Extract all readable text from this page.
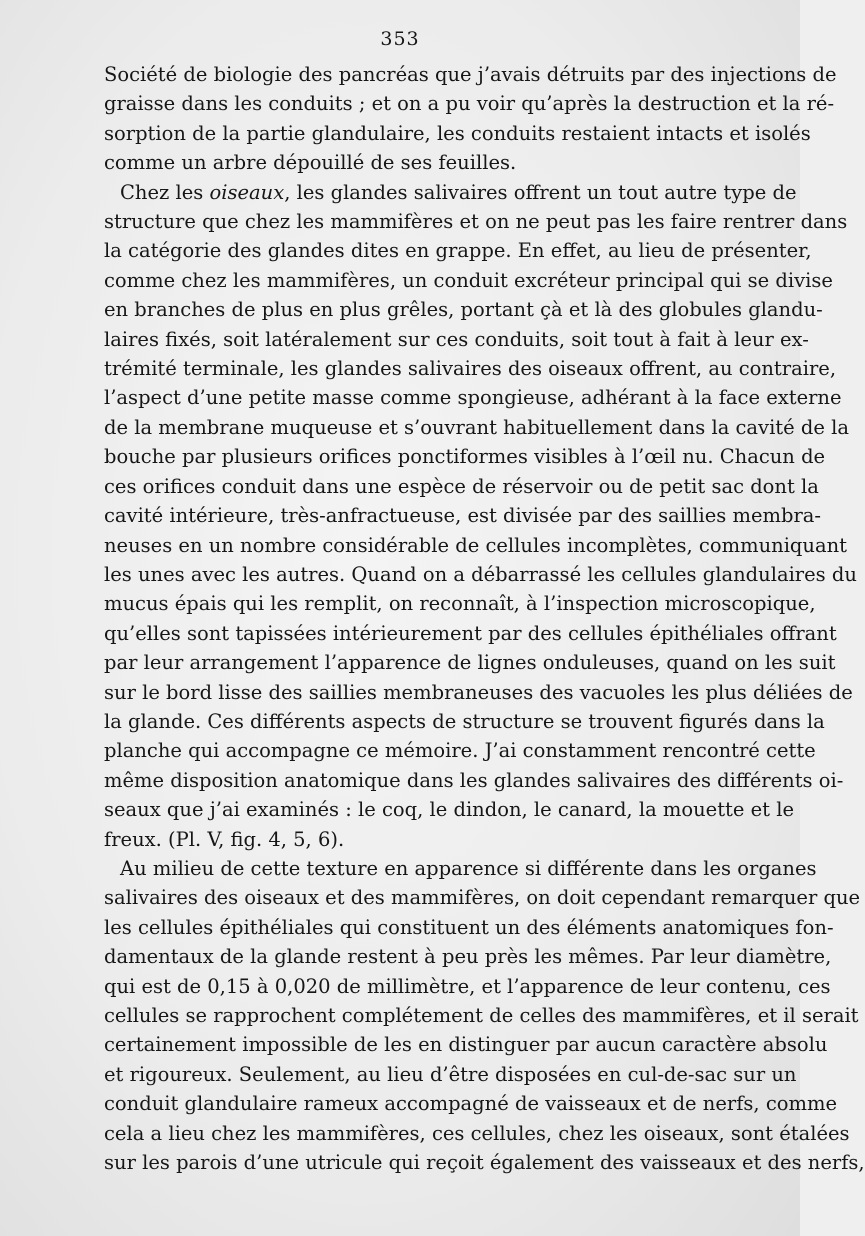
353
Société de biologie des pancréas que j’avais détruits par des injections de
graisse dans les conduits ; et on a pu voir qu’après la destruction et la ré-
sorption de la partie glandulaire, les conduits restaient intacts et isolés
comme un arbre dépouillé de ses feuilles.
Chez les oiseaux, les glandes salivaires offrent un tout autre type de
structure que chez les mammifères et on ne peut pas les faire rentrer dans
la catégorie des glandes dites en grappe. En effet, au lieu de présenter,
comme chez les mammifères, un conduit excréteur principal qui se divise
en branches de plus en plus grêles, portant çà et là des globules glandu-
laires fixés, soit latéralement sur ces conduits, soit tout à fait à leur ex-
trémité terminale, les glandes salivaires des oiseaux offrent, au contraire,
l’aspect d’une petite masse comme spongieuse, adhérant à la face externe
de la membrane muqueuse et s’ouvrant habituellement dans la cavité de la
bouche par plusieurs orifices ponctiformes visibles à l’œil nu. Chacun de
ces orifices conduit dans une espèce de réservoir ou de petit sac dont la
cavité intérieure, très-anfractueuse, est divisée par des saillies membra-
neuses en un nombre considérable de cellules incomplètes, communiquant
les unes avec les autres. Quand on a débarrassé les cellules glandulaires du
mucus épais qui les remplit, on reconnaît, à l’inspection microscopique,
qu’elles sont tapissées intérieurement par des cellules épithéliales offrant
par leur arrangement l’apparence de lignes onduleuses, quand on les suit
sur le bord lisse des saillies membraneuses des vacuoles les plus déliées de
la glande. Ces différents aspects de structure se trouvent figurés dans la
planche qui accompagne ce mémoire. J’ai constamment rencontré cette
même disposition anatomique dans les glandes salivaires des différents oi-
seaux que j’ai examinés : le coq, le dindon, le canard, la mouette et le
freux. (Pl. V, fig. 4, 5, 6).
Au milieu de cette texture en apparence si différente dans les organes
salivaires des oiseaux et des mammifères, on doit cependant remarquer que
les cellules épithéliales qui constituent un des éléments anatomiques fon-
damentaux de la glande restent à peu près les mêmes. Par leur diamètre,
qui est de 0,15 à 0,020 de millimètre, et l’apparence de leur contenu, ces
cellules se rapprochent complétement de celles des mammifères, et il serait
certainement impossible de les en distinguer par aucun caractère absolu
et rigoureux. Seulement, au lieu d’être disposées en cul-de-sac sur un
conduit glandulaire rameux accompagné de vaisseaux et de nerfs, comme
cela a lieu chez les mammifères, ces cellules, chez les oiseaux, sont étalées
sur les parois d’une utricule qui reçoit également des vaisseaux et des nerfs,
